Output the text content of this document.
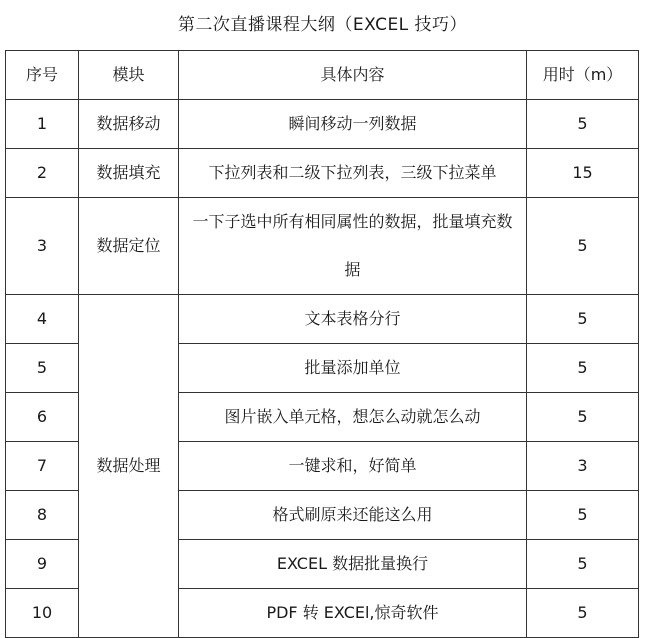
第二次直播课程大纲（EXCEL 技巧）
序号	模块	具体内容	用时（m）
1	数据移动	瞬间移动一列数据	5
2	数据填充	下拉列表和二级下拉列表，三级下拉菜单	15
3	数据定位	一下子选中所有相同属性的数据，批量填充数据	5
4	数据处理	文本表格分行	5
5		批量添加单位	5
6		图片嵌入单元格，想怎么动就怎么动	5
7		一键求和，好简单	3
8		格式刷原来还能这么用	5
9		EXCEL 数据批量换行	5
10		PDF 转 EXCEl,惊奇软件	5
